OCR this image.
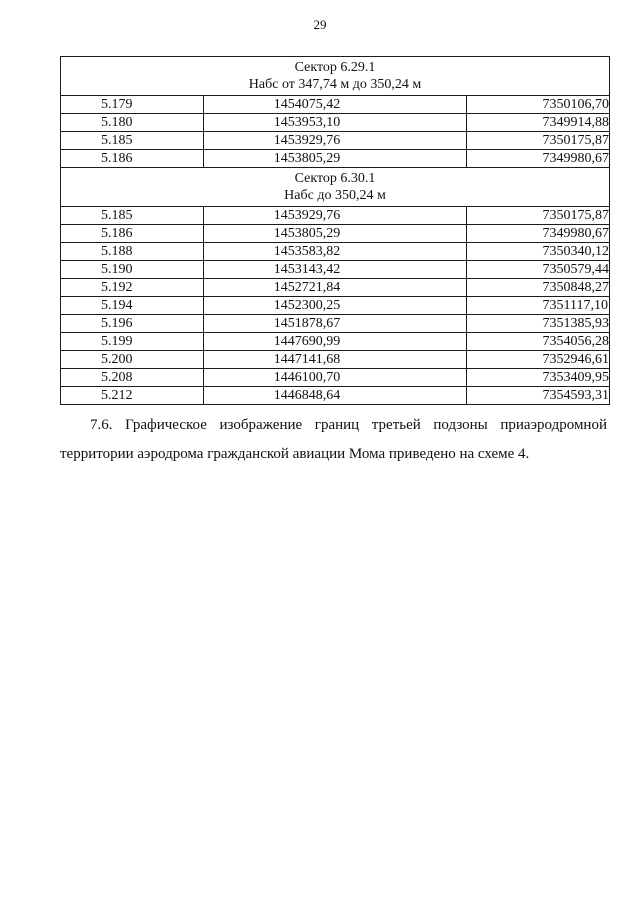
29
Сектор 6.29.1
Набс от 347,74 м до 350,24 м		

5.179	1454075,42	7350106,70
5.180	1453953,10	7349914,88
5.185	1453929,76	7350175,87
5.186	1453805,29	7349980,67

Сектор 6.30.1
Набс до 350,24 м		

5.185	1453929,76	7350175,87
5.186	1453805,29	7349980,67
5.188	1453583,82	7350340,12
5.190	1453143,42	7350579,44
5.192	1452721,84	7350848,27
5.194	1452300,25	7351117,10
5.196	1451878,67	7351385,93
5.199	1447690,99	7354056,28
5.200	1447141,68	7352946,61
5.208	1446100,70	7353409,95
5.212	1446848,64	7354593,31

7.6. Графическое изображение границ третьей подзоны приаэродромной территории аэродрома гражданской авиации Мома приведено на схеме 4.
